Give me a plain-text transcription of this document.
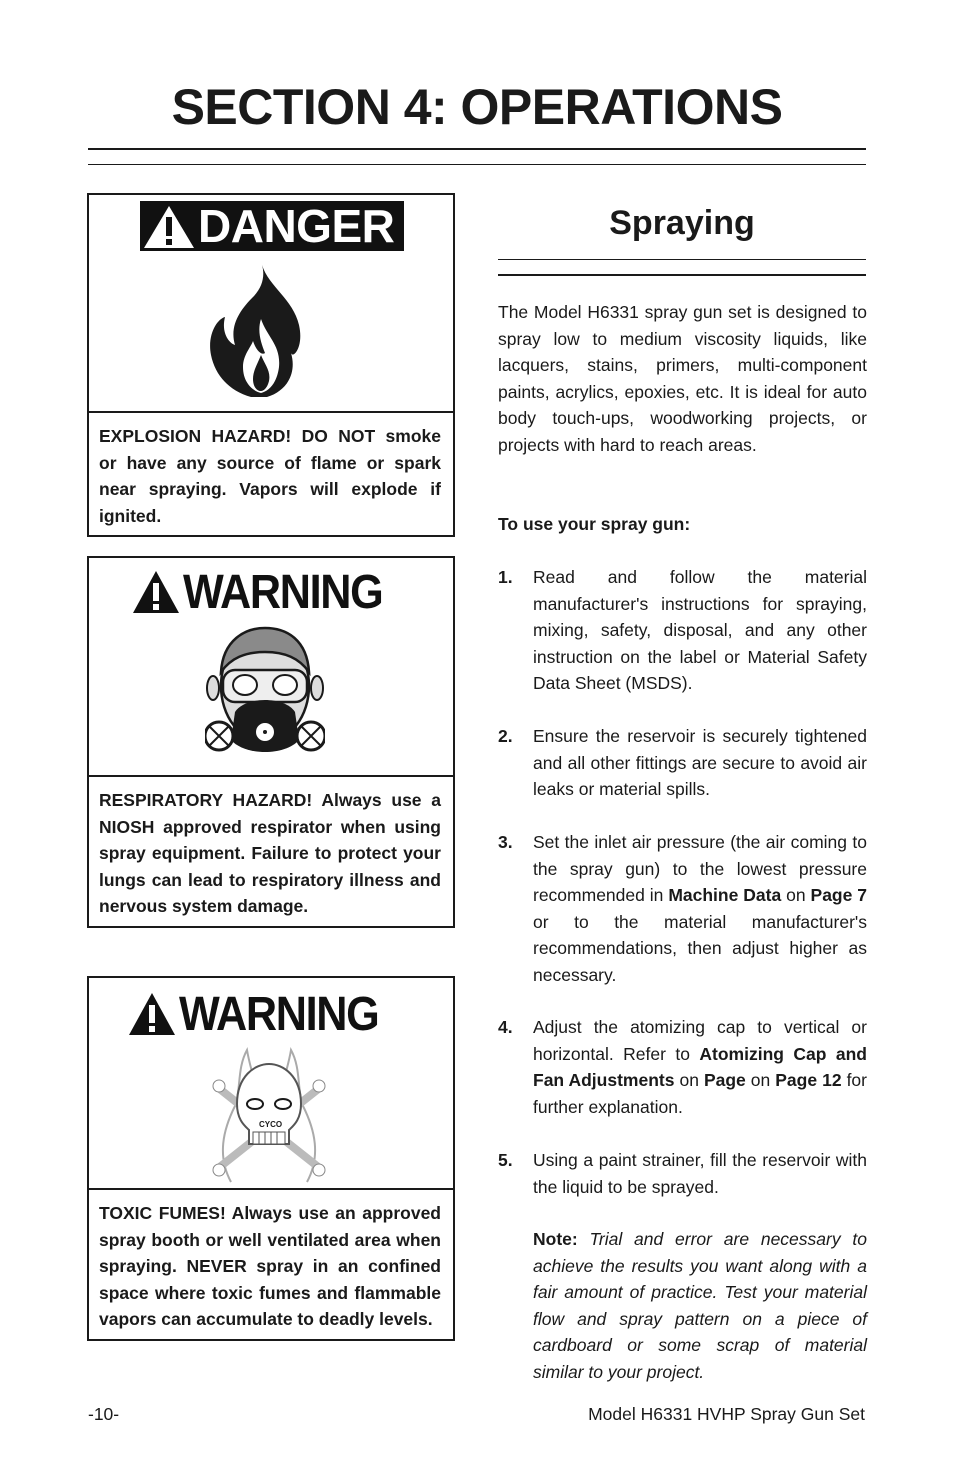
SECTION 4: OPERATIONS
DANGER
EXPLOSION HAZARD! DO NOT smoke or have any source of flame or spark near spraying. Vapors will explode if ignited.
WARNING
RESPIRATORY HAZARD! Always use a NIOSH approved respirator when using spray equipment. Failure to protect your lungs can lead to respiratory illness and nervous system damage.
WARNING
CYCO
TOXIC FUMES! Always use an approved spray booth or well ventilated area when spraying. NEVER spray in an confined space where toxic fumes and flammable vapors can accumulate to deadly levels.
Spraying

The Model H6331 spray gun set is designed to spray low to medium viscosity liquids, like lacquers, stains, primers, multi-component paints, acrylics, epoxies, etc. It is ideal for auto body touch-ups, woodworking projects, or projects with hard to reach areas.

To use your spray gun:

1. Read and follow the material manufacturer's instructions for spraying, mixing, safety, disposal, and any other instruction on the label or Material Safety Data Sheet (MSDS).
2. Ensure the reservoir is securely tightened and all other fittings are secure to avoid air leaks or material spills.
3. Set the inlet air pressure (the air coming to the spray gun) to the lowest pressure recommended in Machine Data on Page 7 or to the material manufacturer's recommendations, then adjust higher as necessary.
4. Adjust the atomizing cap to vertical or horizontal. Refer to Atomizing Cap and Fan Adjustments on Page on Page 12 for further explanation.
5. Using a paint strainer, fill the reservoir with the liquid to be sprayed.
Note: Trial and error are necessary to achieve the results you want along with a fair amount of practice. Test your material flow and spray pattern on a piece of cardboard or some scrap of material similar to your project.
-10-	Model H6331 HVHP Spray Gun Set
